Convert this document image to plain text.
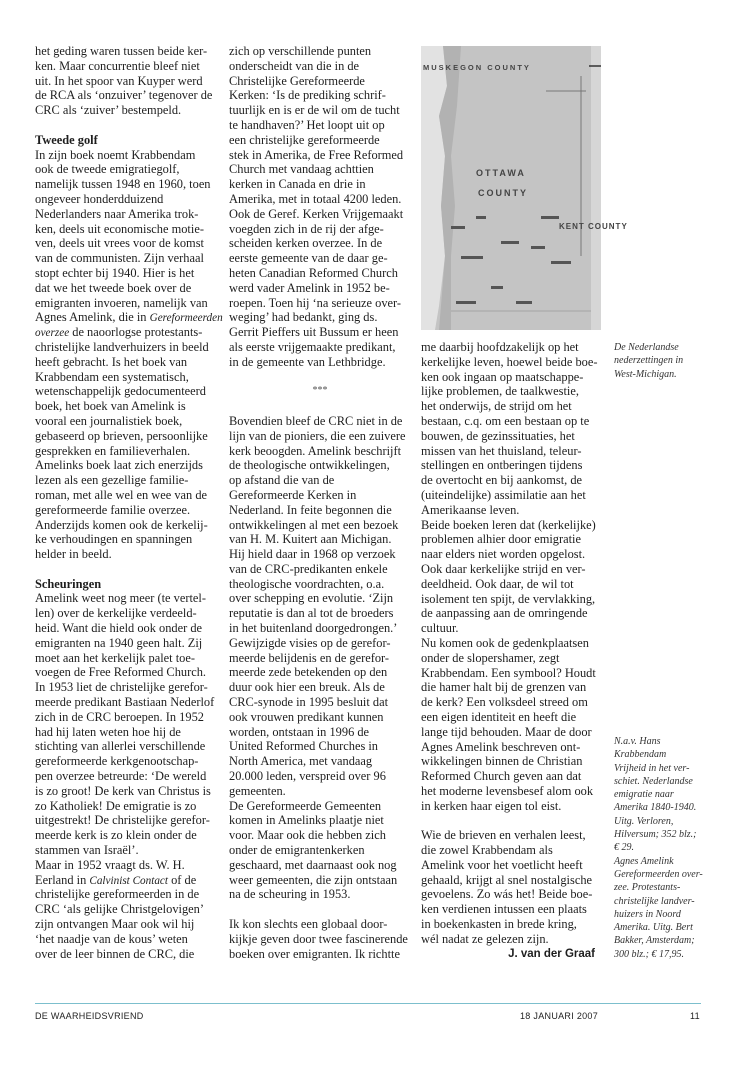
het geding waren tussen beide ker-
ken. Maar concurrentie bleef niet
uit. In het spoor van Kuyper werd
de RCA als ‘onzuiver’ tegenover de
CRC als ‘zuiver’ bestempeld.

Tweede golf
In zijn boek noemt Krabbendam
ook de tweede emigratiegolf,
namelijk tussen 1948 en 1960, toen
ongeveer honderdduizend
Nederlanders naar Amerika trok-
ken, deels uit economische motie-
ven, deels uit vrees voor de komst
van de communisten. Zijn verhaal
stopt echter bij 1940. Hier is het
dat we het tweede boek over de
emigranten invoeren, namelijk van
Agnes Amelink, die in Gereformeerden
overzee de naoorlogse protestants-
christelijke landverhuizers in beeld
heeft gebracht. Is het boek van
Krabbendam een systematisch,
wetenschappelijk gedocumenteerd
boek, het boek van Amelink is
vooral een journalistiek boek,
gebaseerd op brieven, persoonlijke
gesprekken en familieverhalen.
Amelinks boek laat zich enerzijds
lezen als een gezellige familie-
roman, met alle wel en wee van de
gereformeerde familie overzee.
Anderzijds komen ook de kerkelij-
ke verhoudingen en spanningen
helder in beeld.

Scheuringen
Amelink weet nog meer (te vertel-
len) over de kerkelijke verdeeld-
heid. Want die hield ook onder de
emigranten na 1940 geen halt. Zij
moet aan het kerkelijk palet toe-
voegen de Free Reformed Church.
In 1953 liet de christelijke gerefor-
meerde predikant Bastiaan Nederlof
zich in de CRC beroepen. In 1952
had hij laten weten hoe hij de
stichting van allerlei verschillende
gereformeerde kerkgenootschap-
pen overzee betreurde: ‘De wereld
is zo groot! De kerk van Christus is
zo Katholiek! De emigratie is zo
uitgestrekt! De christelijke gerefor-
meerde kerk is zo klein onder de
stammen van Israël’.
Maar in 1952 vraagt ds. W. H.
Eerland in Calvinist Contact of de
christelijke gereformeerden in de
CRC ‘als gelijke Christgelovigen’
zijn ontvangen Maar ook wil hij
‘het naadje van de kous’ weten
over de leer binnen de CRC, die
zich op verschillende punten
onderscheidt van die in de
Christelijke Gereformeerde
Kerken: ‘Is de prediking schrif-
tuurlijk en is er de wil om de tucht
te handhaven?’ Het loopt uit op
een christelijke gereformeerde
stek in Amerika, de Free Reformed
Church met vandaag achttien
kerken in Canada en drie in
Amerika, met in totaal 4200 leden.
Ook de Geref. Kerken Vrijgemaakt
voegden zich in de rij der afge-
scheiden kerken overzee. In de
eerste gemeente van de daar ge-
heten Canadian Reformed Church
werd vader Amelink in 1952 be-
roepen. Toen hij ‘na serieuze over-
weging’ had bedankt, ging ds.
Gerrit Pieffers uit Bussum er heen
als eerste vrijgemaakte predikant,
in de gemeente van Lethbridge.

***

Bovendien bleef de CRC niet in de
lijn van de pioniers, die een zuivere
kerk beoogden. Amelink beschrijft
de theologische ontwikkelingen,
op afstand die van de
Gereformeerde Kerken in
Nederland. In feite begonnen die
ontwikkelingen al met een bezoek
van H. M. Kuitert aan Michigan.
Hij hield daar in 1968 op verzoek
van de CRC-predikanten enkele
theologische voordrachten, o.a.
over schepping en evolutie. ‘Zijn
reputatie is dan al tot de broeders
in het buitenland doorgedrongen.’
Gewijzigde visies op de gerefor-
meerde belijdenis en de gerefor-
meerde zede betekenden op den
duur ook hier een breuk. Als de
CRC-synode in 1995 besluit dat
ook vrouwen predikant kunnen
worden, ontstaan in 1996 de
United Reformed Churches in
North America, met vandaag
20.000 leden, verspreid over 96
gemeenten.
De Gereformeerde Gemeenten
komen in Amelinks plaatje niet
voor. Maar ook die hebben zich
onder de emigrantenkerken
geschaard, met daarnaast ook nog
weer gemeenten, die zijn ontstaan
na de scheuring in 1953.

Ik kon slechts een globaal door-
kijkje geven door twee fascinerende
boeken over emigranten. Ik richtte
me daarbij hoofdzakelijk op het
kerkelijke leven, hoewel beide boe-
ken ook ingaan op maatschappe-
lijke problemen, de taalkwestie,
het onderwijs, de strijd om het
bestaan, c.q. om een bestaan op te
bouwen, de gezinssituaties, het
missen van het thuisland, teleur-
stellingen en ontberingen tijdens
de overtocht en bij aankomst, de
(uiteindelijke) assimilatie aan het
Amerikaanse leven.
Beide boeken leren dat (kerkelijke)
problemen alhier door emigratie
naar elders niet worden opgelost.
Ook daar kerkelijke strijd en ver-
deeldheid. Ook daar, de wil tot
isolement ten spijt, de vervlakking,
de aanpassing aan de omringende
cultuur.
Nu komen ook de gedenkplaatsen
onder de slopershamer, zegt
Krabbendam. Een symbool? Houdt
die hamer halt bij de grenzen van
de kerk? Een volksdeel streed om
een eigen identiteit en heeft die
lange tijd behouden. Maar de door
Agnes Amelink beschreven ont-
wikkelingen binnen de Christian
Reformed Church geven aan dat
het moderne levensbesef alom ook
in kerken haar eigen tol eist.

Wie de brieven en verhalen leest,
die zowel Krabbendam als
Amelink voor het voetlicht heeft
gehaald, krijgt al snel nostalgische
gevoelens. Zo wás het! Beide boe-
ken verdienen intussen een plaats
in boekenkasten in brede kring,
wél nadat ze gelezen zijn.
J. van der Graaf
MUSKEGON COUNTY
OTTAWA
COUNTY
KENT COUNTY
De Nederlandse
nederzettingen in
West-Michigan.
N.a.v. Hans
Krabbendam
Vrijheid in het ver-
schiet. Nederlandse
emigratie naar
Amerika 1840-1940.
Uitg. Verloren,
Hilversum; 352 blz.;
€ 29.
Agnes Amelink
Gereformeerden over-
zee. Protestants-
christelijke landver-
huizers in Noord
Amerika. Uitg. Bert
Bakker, Amsterdam;
300 blz.; € 17,95.
DE WAARHEIDSVRIEND	18 JANUARI 2007	11
